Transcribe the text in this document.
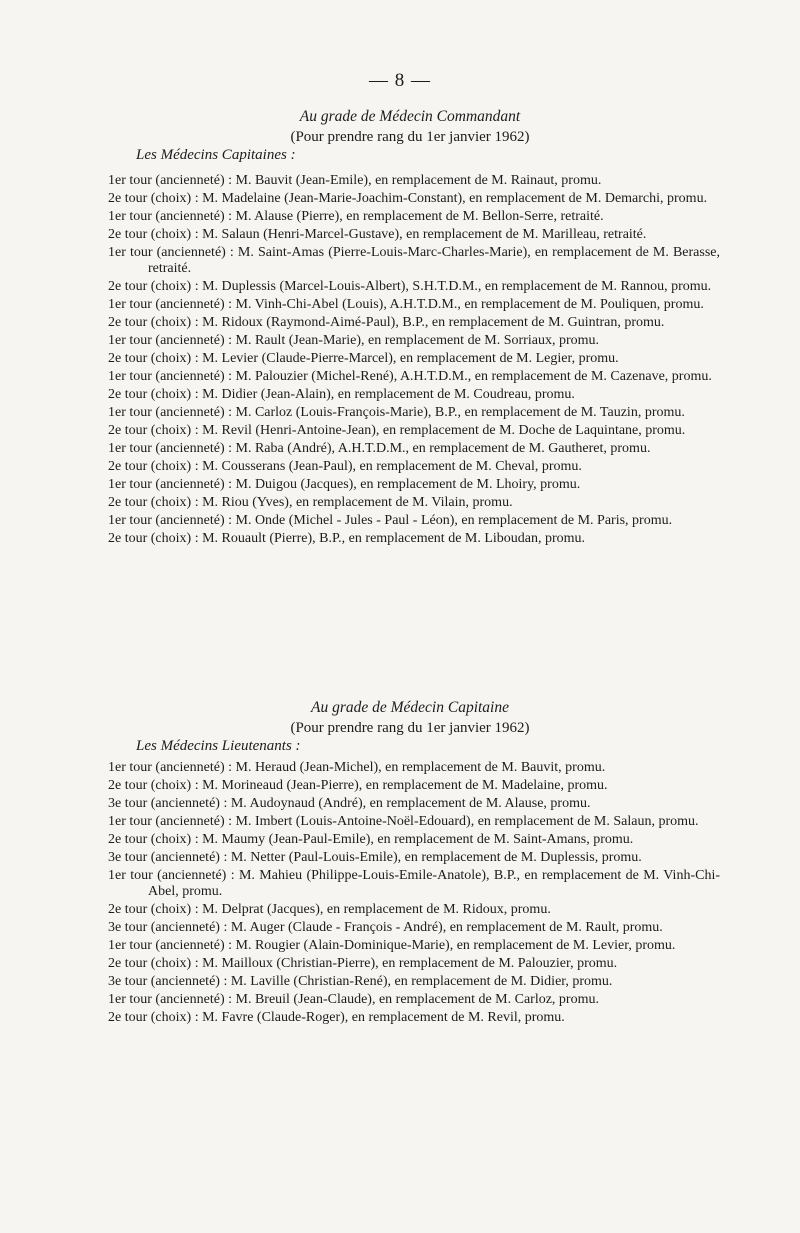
— 8 —
Au grade de Médecin Commandant
(Pour prendre rang du 1er janvier 1962)
Les Médecins Capitaines :

1er tour (ancienneté) : M. Bauvit (Jean-Emile), en remplacement de M. Rainaut, promu.

2e tour (choix) : M. Madelaine (Jean-Marie-Joachim-Constant), en remplacement de M. Demarchi, promu.

1er tour (ancienneté) : M. Alause (Pierre), en remplacement de M. Bellon-Serre, retraité.

2e tour (choix) : M. Salaun (Henri-Marcel-Gustave), en remplacement de M. Marilleau, retraité.

1er tour (ancienneté) : M. Saint-Amas (Pierre-Louis-Marc-Charles-Marie), en remplacement de M. Berasse, retraité.

2e tour (choix) : M. Duplessis (Marcel-Louis-Albert), S.H.T.D.M., en remplacement de M. Rannou, promu.

1er tour (ancienneté) : M. Vinh-Chi-Abel (Louis), A.H.T.D.M., en remplacement de M. Pouliquen, promu.

2e tour (choix) : M. Ridoux (Raymond-Aimé-Paul), B.P., en remplacement de M. Guintran, promu.

1er tour (ancienneté) : M. Rault (Jean-Marie), en remplacement de M. Sorriaux, promu.

2e tour (choix) : M. Levier (Claude-Pierre-Marcel), en remplacement de M. Legier, promu.

1er tour (ancienneté) : M. Palouzier (Michel-René), A.H.T.D.M., en remplacement de M. Cazenave, promu.

2e tour (choix) : M. Didier (Jean-Alain), en remplacement de M. Coudreau, promu.

1er tour (ancienneté) : M. Carloz (Louis-François-Marie), B.P., en remplacement de M. Tauzin, promu.

2e tour (choix) : M. Revil (Henri-Antoine-Jean), en remplacement de M. Doche de Laquintane, promu.

1er tour (ancienneté) : M. Raba (André), A.H.T.D.M., en remplacement de M. Gautheret, promu.

2e tour (choix) : M. Cousserans (Jean-Paul), en remplacement de M. Cheval, promu.

1er tour (ancienneté) : M. Duigou (Jacques), en remplacement de M. Lhoiry, promu.

2e tour (choix) : M. Riou (Yves), en remplacement de M. Vilain, promu.

1er tour (ancienneté) : M. Onde (Michel - Jules - Paul - Léon), en remplacement de M. Paris, promu.

2e tour (choix) : M. Rouault (Pierre), B.P., en remplacement de M. Liboudan, promu.

Au grade de Médecin Capitaine
(Pour prendre rang du 1er janvier 1962)
Les Médecins Lieutenants :

1er tour (ancienneté) : M. Heraud (Jean-Michel), en remplacement de M. Bauvit, promu.

2e tour (choix) : M. Morineaud (Jean-Pierre), en remplacement de M. Madelaine, promu.

3e tour (ancienneté) : M. Audoynaud (André), en remplacement de M. Alause, promu.

1er tour (ancienneté) : M. Imbert (Louis-Antoine-Noël-Edouard), en remplacement de M. Salaun, promu.

2e tour (choix) : M. Maumy (Jean-Paul-Emile), en remplacement de M. Saint-Amans, promu.

3e tour (ancienneté) : M. Netter (Paul-Louis-Emile), en remplacement de M. Duplessis, promu.

1er tour (ancienneté) : M. Mahieu (Philippe-Louis-Emile-Anatole), B.P., en remplacement de M. Vinh-Chi-Abel, promu.

2e tour (choix) : M. Delprat (Jacques), en remplacement de M. Ridoux, promu.

3e tour (ancienneté) : M. Auger (Claude - François - André), en remplacement de M. Rault, promu.

1er tour (ancienneté) : M. Rougier (Alain-Dominique-Marie), en remplacement de M. Levier, promu.

2e tour (choix) : M. Mailloux (Christian-Pierre), en remplacement de M. Palouzier, promu.

3e tour (ancienneté) : M. Laville (Christian-René), en remplacement de M. Didier, promu.

1er tour (ancienneté) : M. Breuil (Jean-Claude), en remplacement de M. Carloz, promu.

2e tour (choix) : M. Favre (Claude-Roger), en remplacement de M. Revil, promu.
